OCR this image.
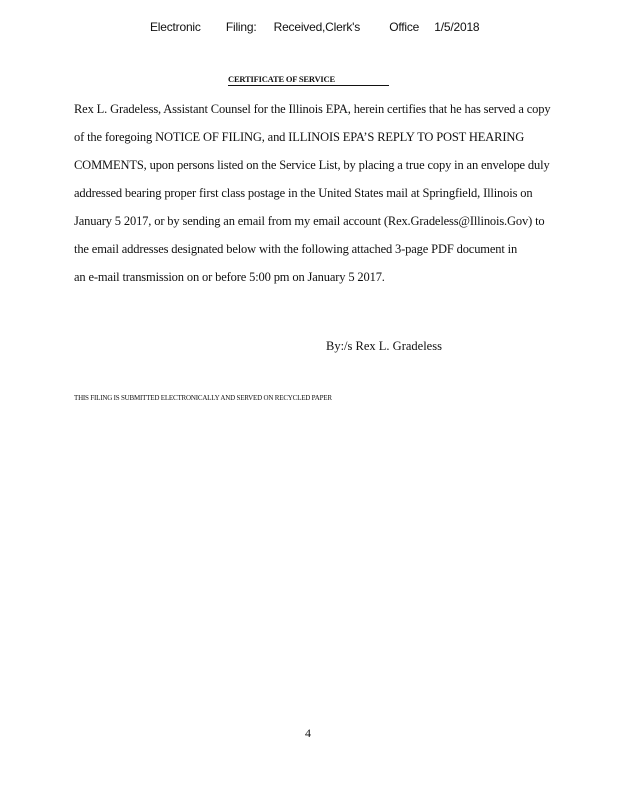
Electronic Filing: Received,Clerk's Office 1/5/2018
CERTIFICATE OF SERVICE
Rex L. Gradeless, Assistant Counsel for the Illinois EPA, herein certifies that he has served a copy
of the foregoing NOTICE OF FILING, and ILLINOIS EPA’S REPLY TO POST HEARING
COMMENTS, upon persons listed on the Service List, by placing a true copy in an envelope duly
addressed bearing proper first class postage in the United States mail at Springfield, Illinois on
January 5 2017, or by sending an email from my email account (Rex.Gradeless@Illinois.Gov) to
the email addresses designated below with the following attached 3-page PDF document in
an e-mail transmission on or before 5:00 pm on January 5 2017.
By:/s Rex L. Gradeless
THIS FILING IS SUBMITTED ELECTRONICALLY AND SERVED ON RECYCLED PAPER
4
